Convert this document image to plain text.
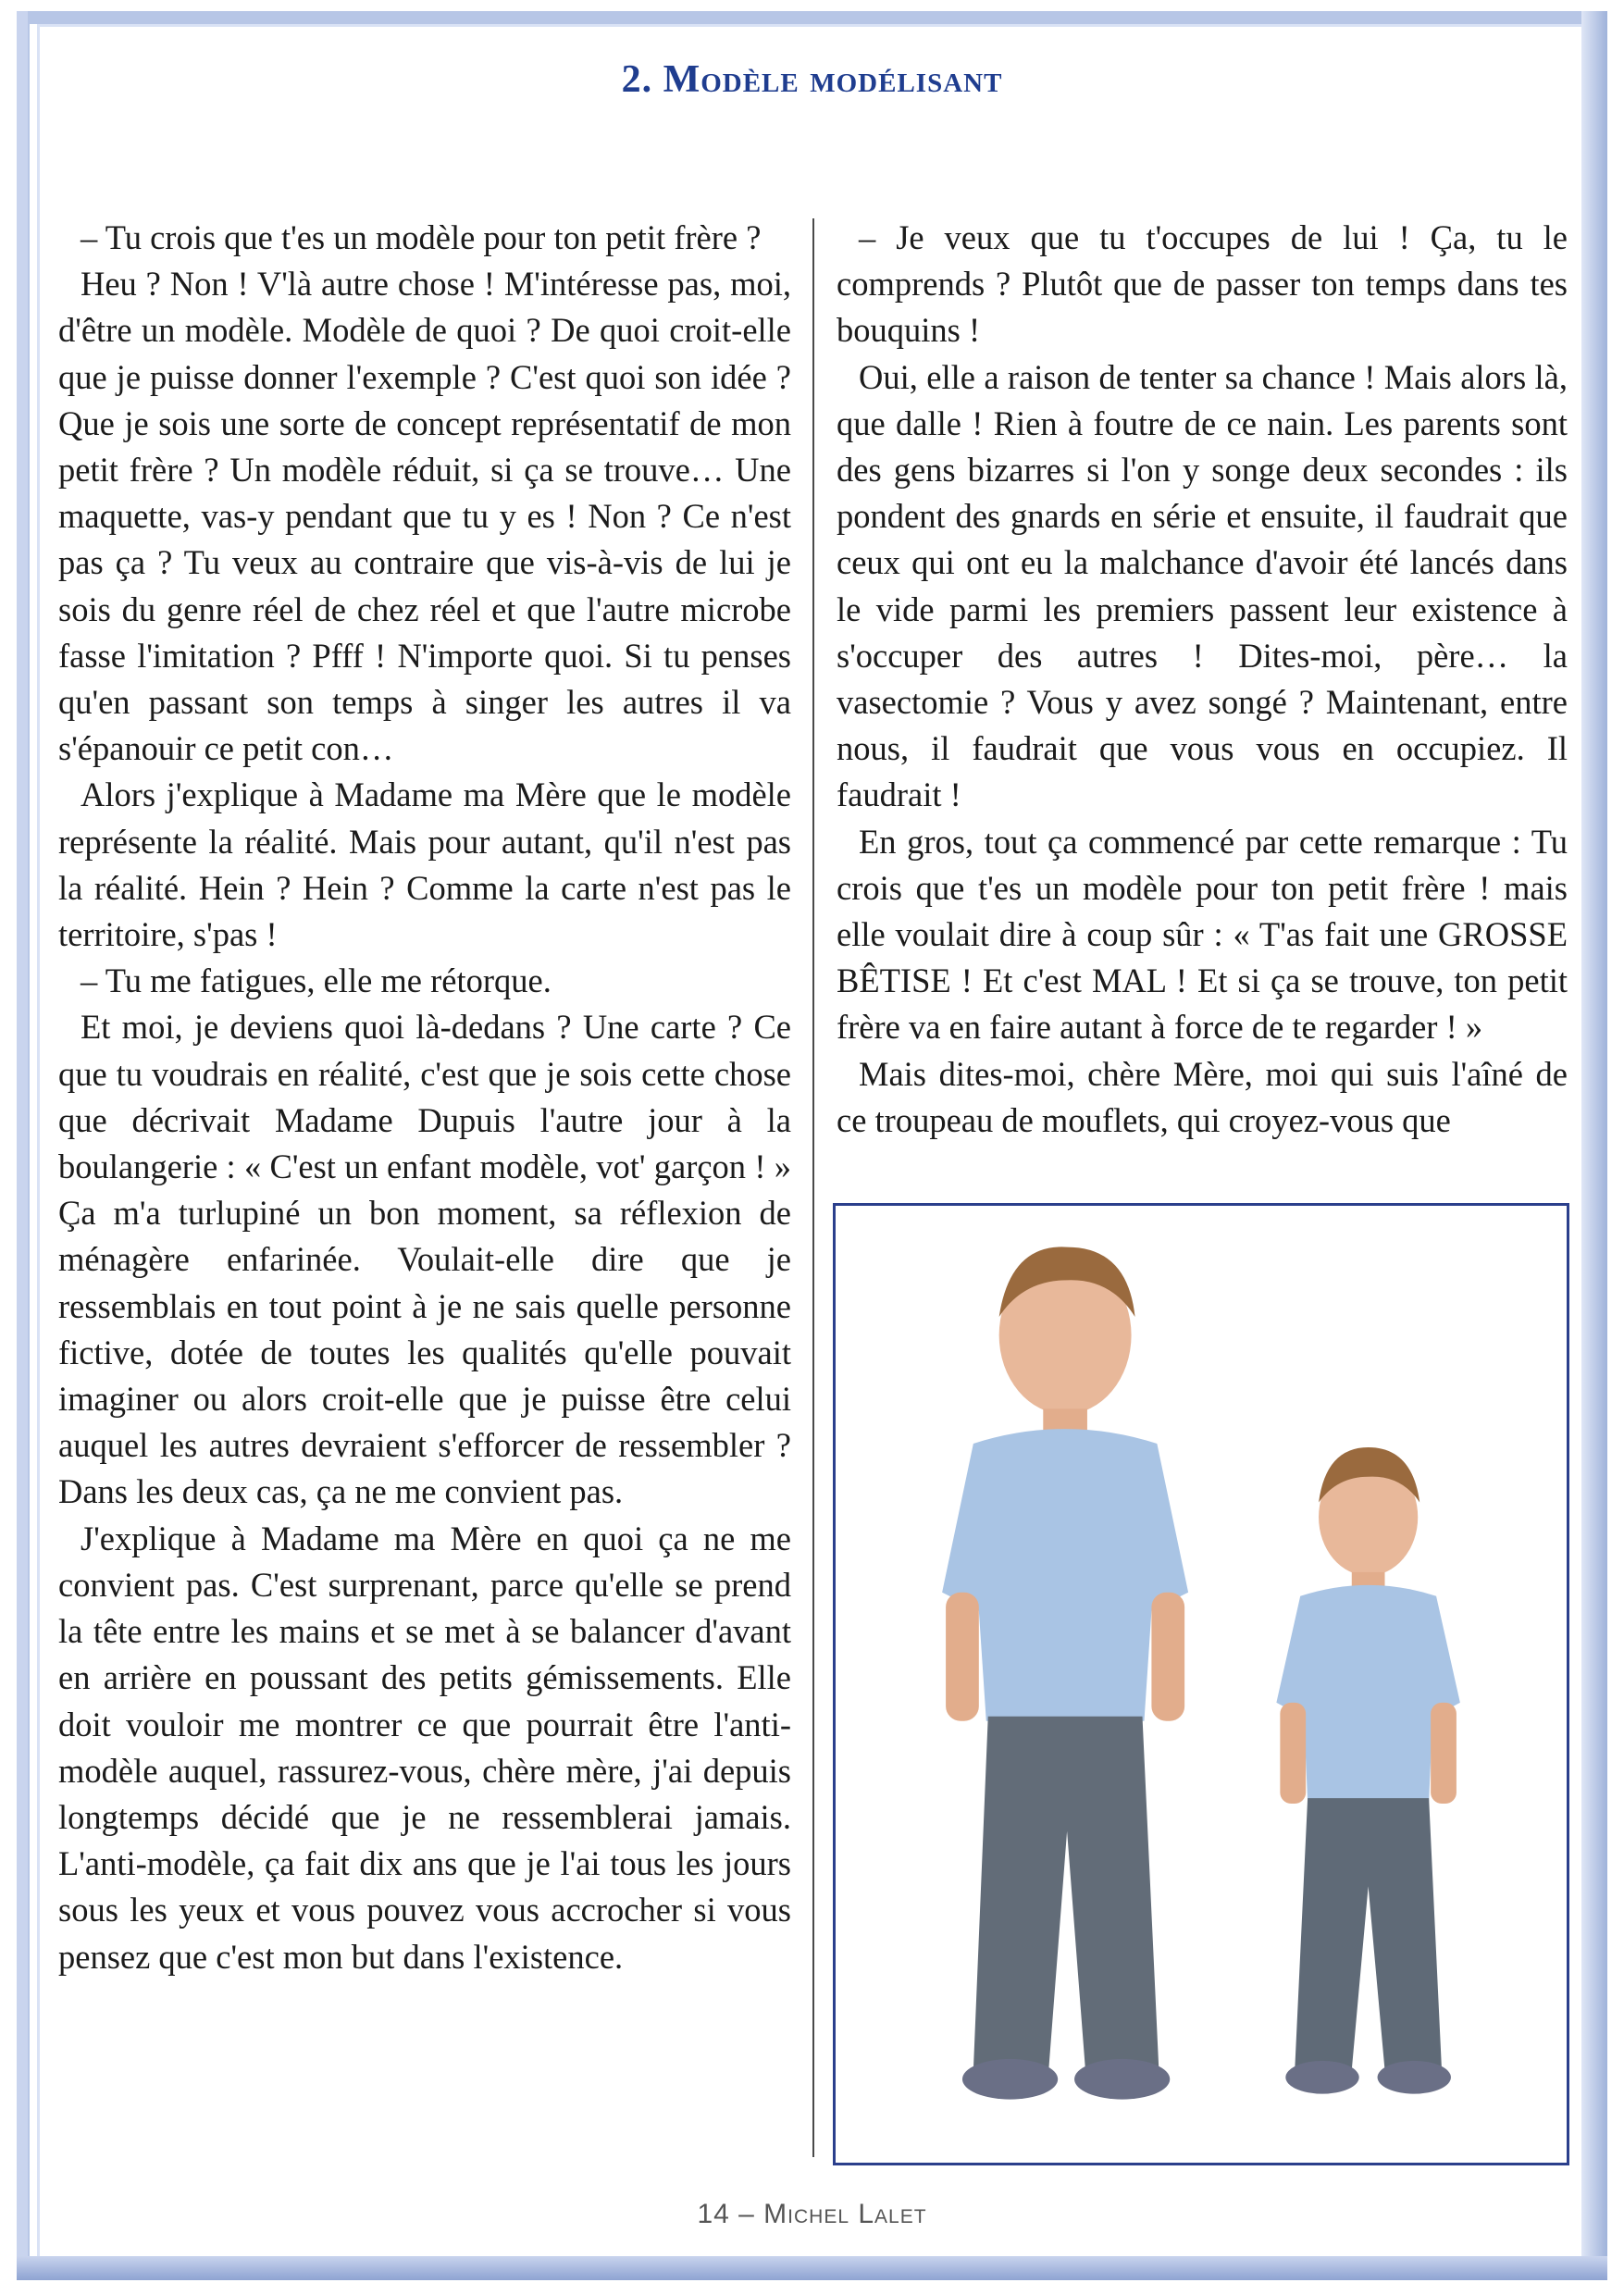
2. Modèle modélisant

– Tu crois que t'es un modèle pour ton petit frère ?

Heu ? Non ! V'là autre chose ! M'intéresse pas, moi, d'être un modèle. Modèle de quoi ? De quoi croit-elle que je puisse donner l'exemple ? C'est quoi son idée ? Que je sois une sorte de concept représentatif de mon petit frère ? Un modèle réduit, si ça se trouve… Une maquette, vas-y pendant que tu y es ! Non ? Ce n'est pas ça ? Tu veux au contraire que vis-à-vis de lui je sois du genre réel de chez réel et que l'autre microbe fasse l'imitation ? Pfff ! N'importe quoi. Si tu penses qu'en passant son temps à singer les autres il va s'épanouir ce petit con…

Alors j'explique à Madame ma Mère que le modèle représente la réalité. Mais pour autant, qu'il n'est pas la réalité. Hein ? Hein ? Comme la carte n'est pas le territoire, s'pas !

– Tu me fatigues, elle me rétorque.

Et moi, je deviens quoi là-dedans ? Une carte ? Ce que tu voudrais en réalité, c'est que je sois cette chose que décrivait Madame Dupuis l'autre jour à la boulangerie : « C'est un enfant modèle, vot' garçon ! » Ça m'a turlupiné un bon moment, sa réflexion de ménagère enfarinée. Voulait-elle dire que je ressemblais en tout point à je ne sais quelle personne fictive, dotée de toutes les qualités qu'elle pouvait imaginer ou alors croit-elle que je puisse être celui auquel les autres devraient s'efforcer de ressembler ? Dans les deux cas, ça ne me convient pas.

J'explique à Madame ma Mère en quoi ça ne me convient pas. C'est surprenant, parce qu'elle se prend la tête entre les mains et se met à se balancer d'avant en arrière en poussant des petits gémissements. Elle doit vouloir me montrer ce que pourrait être l'anti-modèle auquel, rassurez-vous, chère mère, j'ai depuis longtemps décidé que je ne ressemblerai jamais. L'anti-modèle, ça fait dix ans que je l'ai tous les jours sous les yeux et vous pouvez vous accrocher si vous pensez que c'est mon but dans l'existence.

– Je veux que tu t'occupes de lui ! Ça, tu le comprends ? Plutôt que de passer ton temps dans tes bouquins !

Oui, elle a raison de tenter sa chance ! Mais alors là, que dalle ! Rien à foutre de ce nain. Les parents sont des gens bizarres si l'on y songe deux secondes : ils pondent des gnards en série et ensuite, il faudrait que ceux qui ont eu la malchance d'avoir été lancés dans le vide parmi les premiers passent leur existence à s'occuper des autres ! Dites-moi, père… la vasectomie ? Vous y avez songé ? Maintenant, entre nous, il faudrait que vous vous en occupiez. Il faudrait !

En gros, tout ça commencé par cette remarque : Tu crois que t'es un modèle pour ton petit frère ! mais elle voulait dire à coup sûr : « T'as fait une GROSSE BÊTISE ! Et c'est MAL ! Et si ça se trouve, ton petit frère va en faire autant à force de te regarder ! »

Mais dites-moi, chère Mère, moi qui suis l'aîné de ce troupeau de mouflets, qui croyez-vous que

14 – Michel Lalet
